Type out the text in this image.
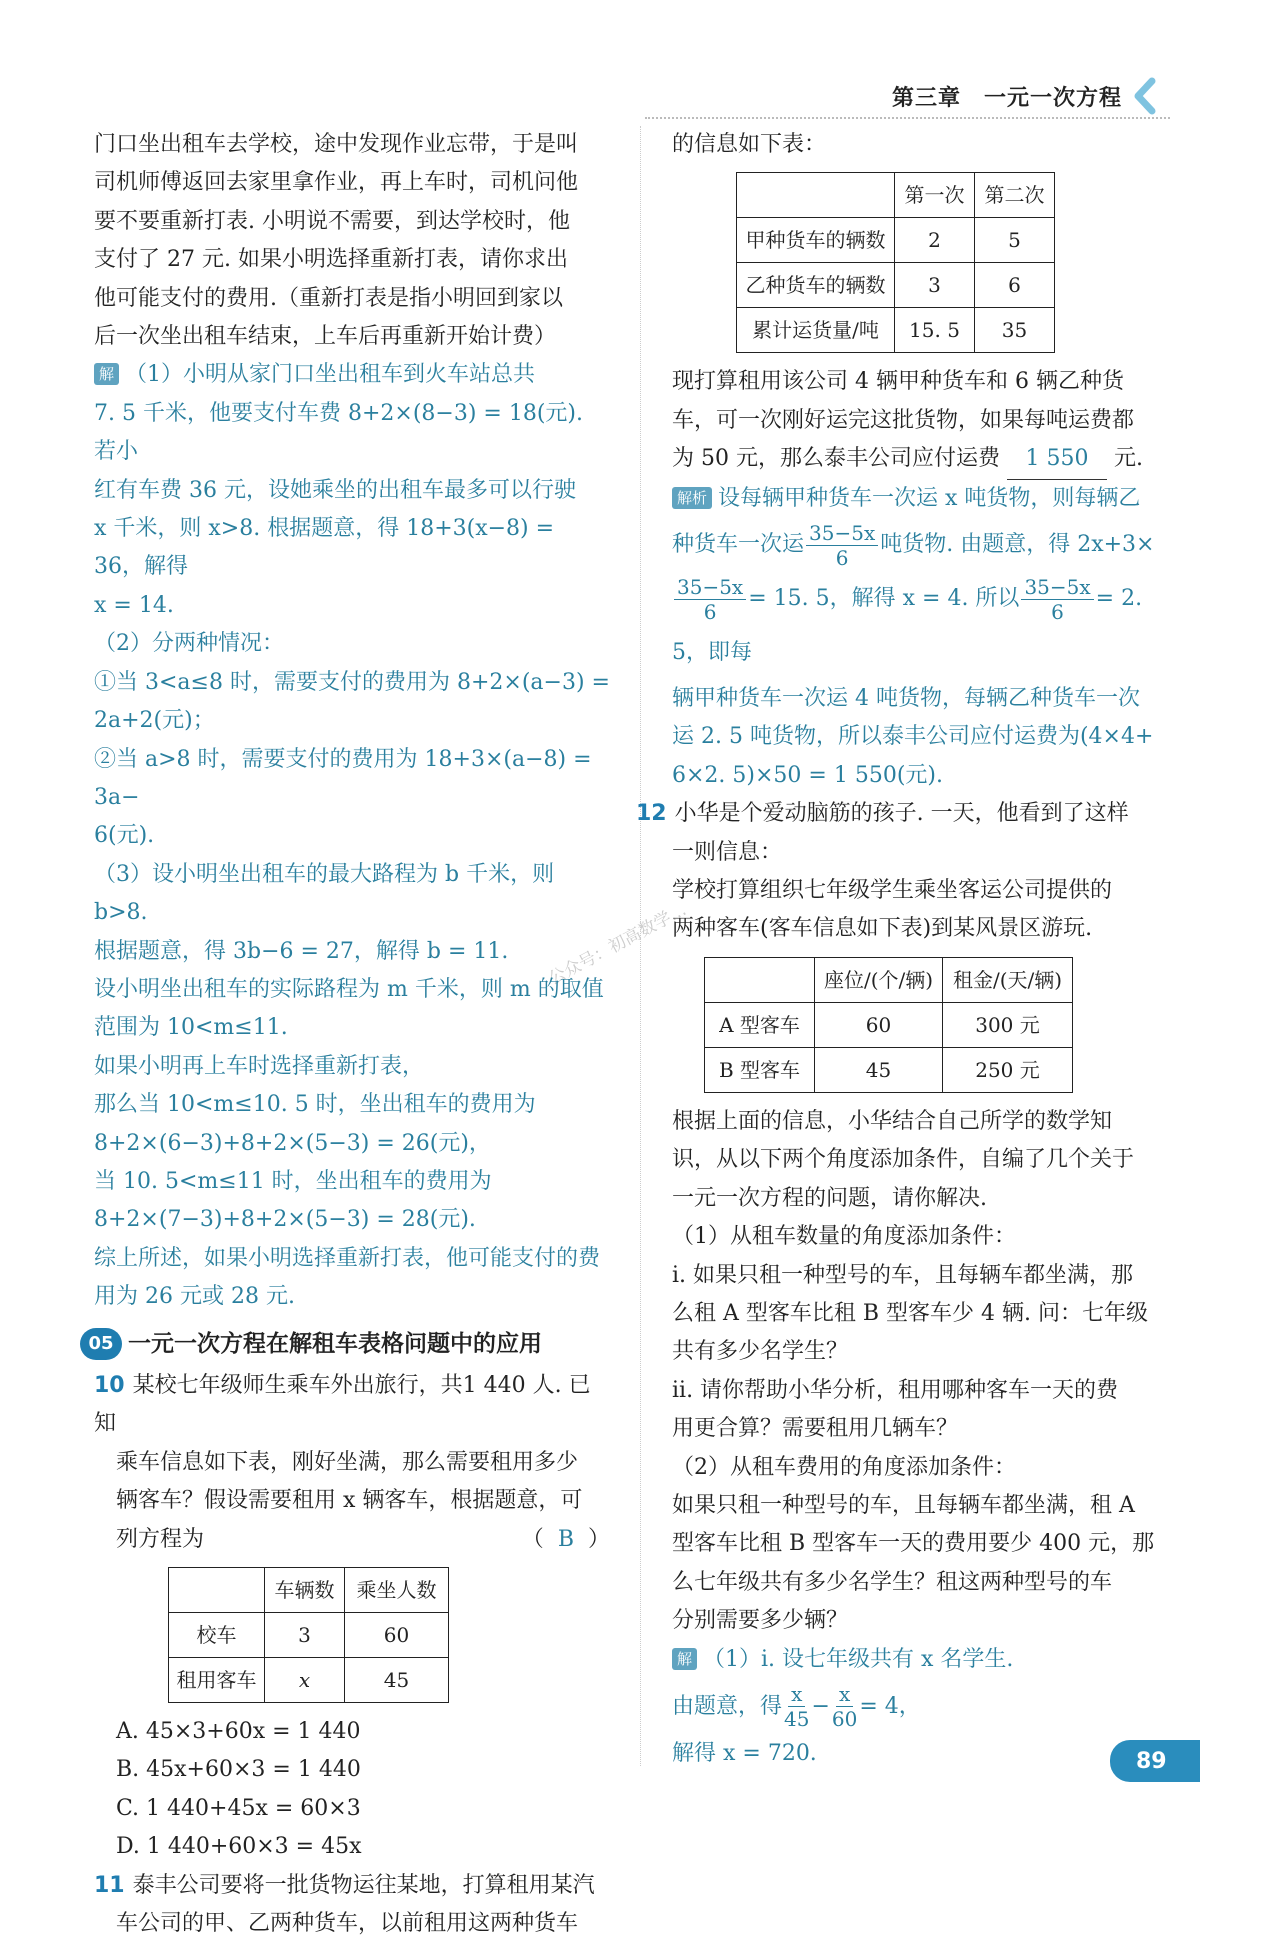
第三章　一元一次方程
公众号：初高数学…
门口坐出租车去学校，途中发现作业忘带，于是叫
司机师傅返回去家里拿作业，再上车时，司机问他
要不要重新打表. 小明说不需要，到达学校时，他
支付了 27 元. 如果小明选择重新打表，请你求出
他可能支付的费用.（重新打表是指小明回到家以
后一次坐出租车结束，上车后再重新开始计费）
解 （1）小明从家门口坐出租车到火车站总共
7. 5 千米，他要支付车费 8+2×(8−3) = 18(元). 若小
红有车费 36 元，设她乘坐的出租车最多可以行驶
x 千米，则 x>8. 根据题意，得 18+3(x−8) = 36，解得
x = 14.
（2）分两种情况：
①当 3<a≤8 时，需要支付的费用为 8+2×(a−3) =
2a+2(元)；
②当 a>8 时，需要支付的费用为 18+3×(a−8) = 3a−
6(元).
（3）设小明坐出租车的最大路程为 b 千米，则 b>8.
根据题意，得 3b−6 = 27，解得 b = 11.
设小明坐出租车的实际路程为 m 千米，则 m 的取值
范围为 10<m≤11.
如果小明再上车时选择重新打表，
那么当 10<m≤10. 5 时，坐出租车的费用为
8+2×(6−3)+8+2×(5−3) = 26(元)，
当 10. 5<m≤11 时，坐出租车的费用为
8+2×(7−3)+8+2×(5−3) = 28(元).
综上所述，如果小明选择重新打表，他可能支付的费
用为 26 元或 28 元.
05 一元一次方程在解租车表格问题中的应用
10 某校七年级师生乘车外出旅行，共1 440 人. 已知
乘车信息如下表，刚好坐满，那么需要租用多少
辆客车？假设需要租用 x 辆客车，根据题意，可
列方程为	（ B ）
	车辆数	乘坐人数
校车	3	60
租用客车	x	45
A. 45×3+60x = 1 440
B. 45x+60×3 = 1 440
C. 1 440+45x = 60×3
D. 1 440+60×3 = 45x
11 泰丰公司要将一批货物运往某地，打算租用某汽
车公司的甲、乙两种货车，以前租用这两种货车
的信息如下表：
	第一次	第二次
甲种货车的辆数	2	5
乙种货车的辆数	3	6
累计运货量/吨	15. 5	35
现打算租用该公司 4 辆甲种货车和 6 辆乙种货
车，可一次刚好运完这批货物，如果每吨运费都
为 50 元，那么泰丰公司应付运费 1 550 元.
解析 设每辆甲种货车一次运 x 吨货物，则每辆乙
种货车一次运 $\frac{35-5x}{6}$ 吨货物. 由题意，得 2x+3×
$\frac{35-5x}{6} = 15$. 5，解得 x = 4. 所以 $\frac{35-5x}{6} = 2$. 5，即每
辆甲种货车一次运 4 吨货物，每辆乙种货车一次
运 2. 5 吨货物，所以泰丰公司应付运费为(4×4+
6×2. 5)×50 = 1 550(元).
12 小华是个爱动脑筋的孩子. 一天，他看到了这样
一则信息：
学校打算组织七年级学生乘坐客运公司提供的
两种客车(客车信息如下表)到某风景区游玩.
	座位/(个/辆)	租金/(天/辆)
A 型客车	60	300 元
B 型客车	45	250 元
根据上面的信息，小华结合自己所学的数学知
识，从以下两个角度添加条件，自编了几个关于
一元一次方程的问题，请你解决.
（1）从租车数量的角度添加条件：
i. 如果只租一种型号的车，且每辆车都坐满，那
么租 A 型客车比租 B 型客车少 4 辆. 问：七年级
共有多少名学生？
ii. 请你帮助小华分析，租用哪种客车一天的费
用更合算？需要租用几辆车？
（2）从租车费用的角度添加条件：
如果只租一种型号的车，且每辆车都坐满，租 A
型客车比租 B 型客车一天的费用要少 400 元，那
么七年级共有多少名学生？租这两种型号的车
分别需要多少辆？
解 （1）i. 设七年级共有 x 名学生.
由题意，得 $\frac{x}{45} - \frac{x}{60} = 4$，
解得 x = 720.	89
